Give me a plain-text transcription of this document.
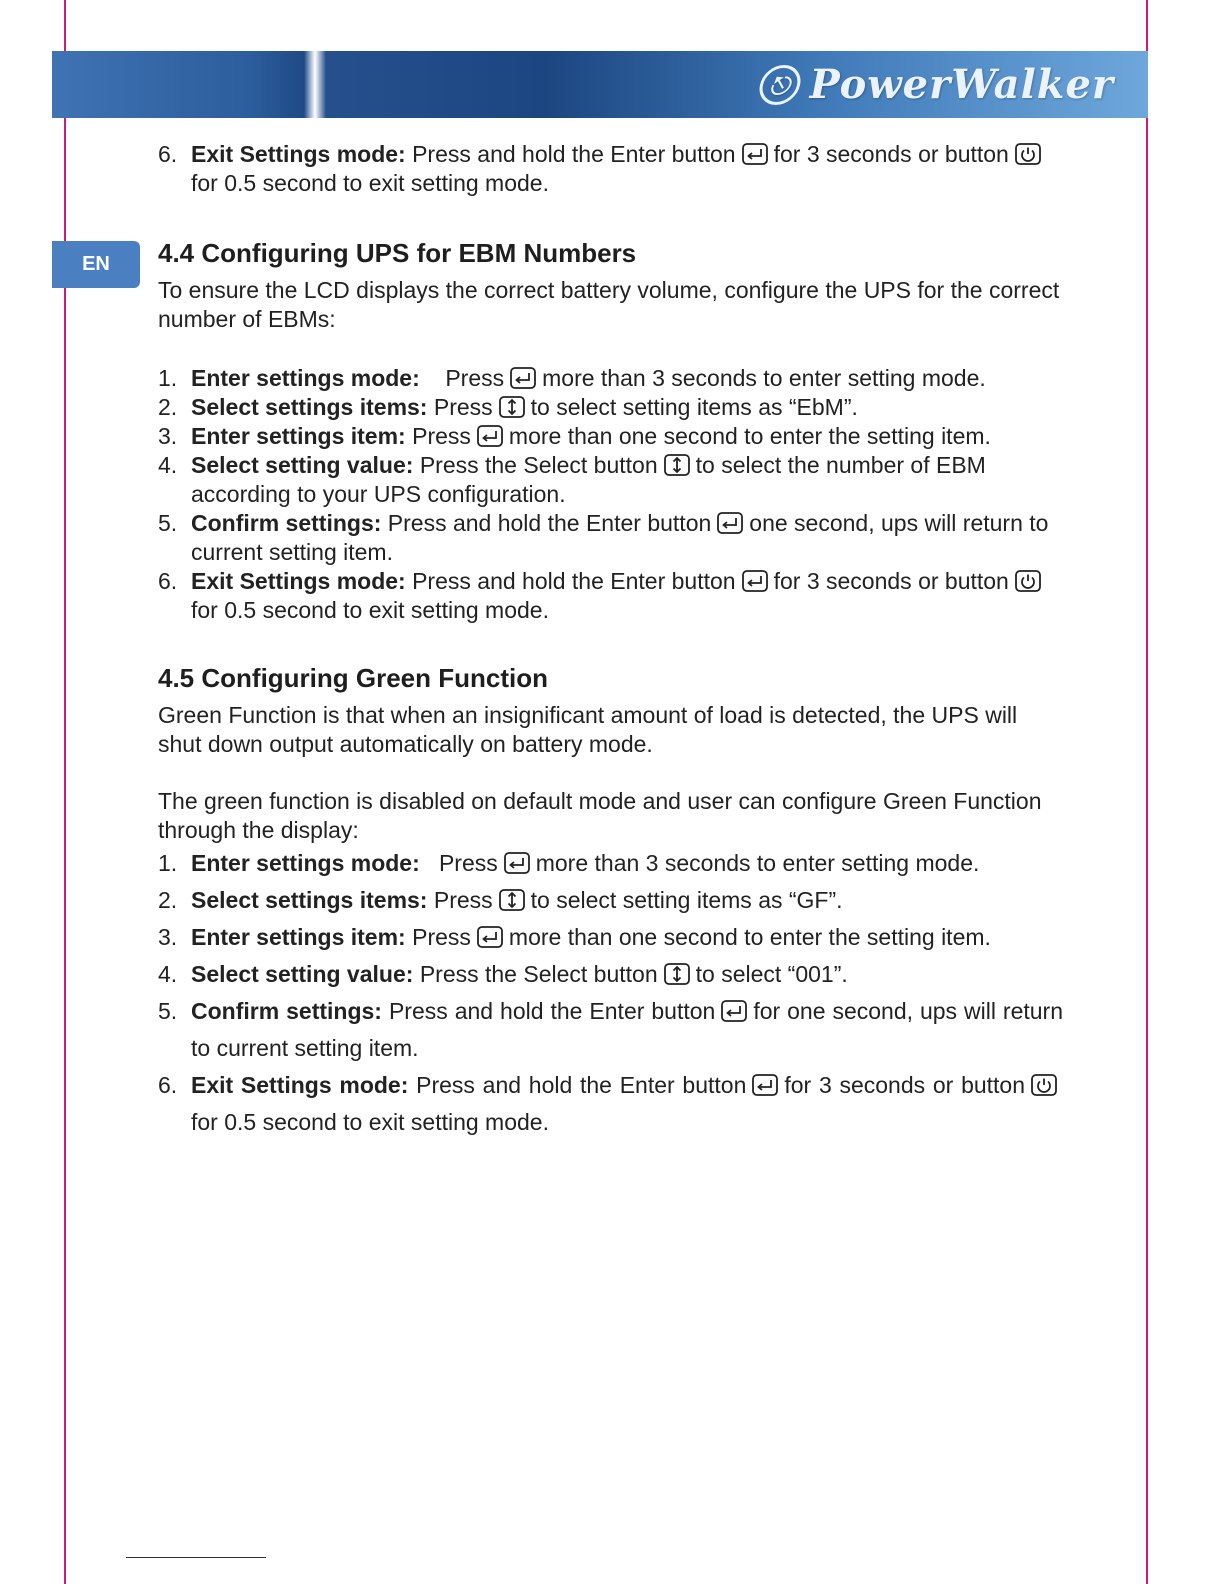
⎋ PowerWalker
EN
6. Exit Settings mode: Press and hold the Enter button for 3 seconds or buttonfor 0.5 second to exit setting mode.
4.4 Configuring UPS for EBM Numbers

To ensure the LCD displays the correct battery volume, configure the UPS for the correct number of EBMs:

1. Enter settings mode: Press more than 3 seconds to enter setting mode.
2. Select settings items: Press to select setting items as “EbM”.
3. Enter settings item: Press more than one second to enter the setting item.
4. Select setting value: Press the Select button to select the number of EBM according to your UPS configuration.
5. Confirm settings: Press and hold the Enter button one second, ups will return to current setting item.
6. Exit Settings mode: Press and hold the Enter button for 3 seconds or buttonfor 0.5 second to exit setting mode.
4.5 Configuring Green Function

Green Function is that when an insignificant amount of load is detected, the UPS will shut down output automatically on battery mode.

The green function is disabled on default mode and user can configure Green Function through the display:

1. Enter settings mode: Press more than 3 seconds to enter setting mode.
2. Select settings items: Press to select setting items as “GF”.
3. Enter settings item: Press more than one second to enter the setting item.
4. Select setting value: Press the Select button to select “001”.
5. Confirm settings: Press and hold the Enter button for one second, ups will return to current setting item.
6. Exit Settings mode: Press and hold the Enter button for 3 seconds or buttonfor 0.5 second to exit setting mode.
